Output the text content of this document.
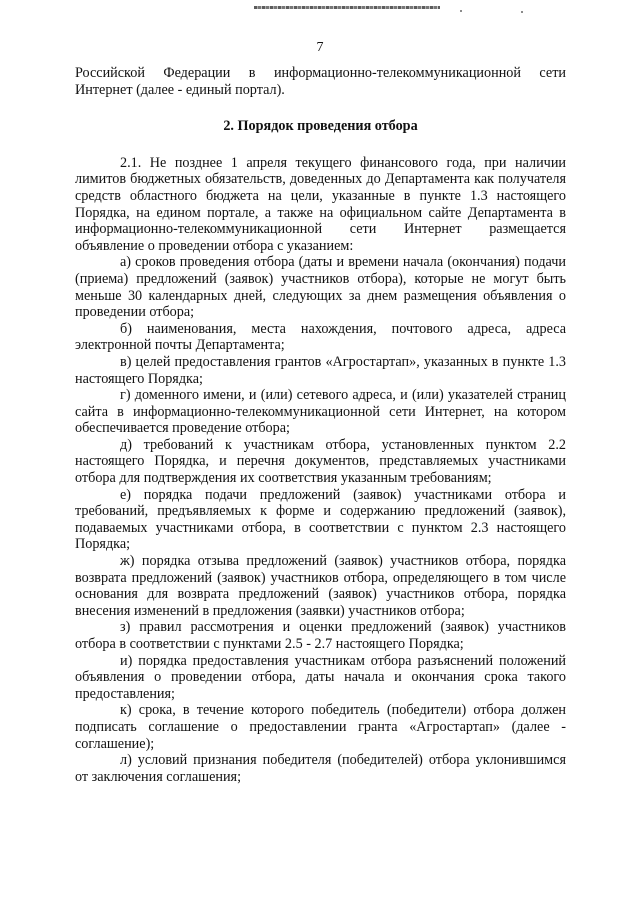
7

Российской Федерации в информационно-телекоммуникационной сети Интернет (далее - единый портал).

2. Порядок проведения отбора

2.1. Не позднее 1 апреля текущего финансового года, при наличии лимитов бюджетных обязательств, доведенных до Департамента как получателя средств областного бюджета на цели, указанные в пункте 1.3 настоящего Порядка, на едином портале, а также на официальном сайте Департамента в информационно-телекоммуникационной сети Интернет размещается объявление о проведении отбора с указанием:

а) сроков проведения отбора (даты и времени начала (окончания) подачи (приема) предложений (заявок) участников отбора), которые не могут быть меньше 30 календарных дней, следующих за днем размещения объявления о проведении отбора;

б) наименования, места нахождения, почтового адреса, адреса электронной почты Департамента;

в) целей предоставления грантов «Агростартап», указанных в пункте 1.3 настоящего Порядка;

г) доменного имени, и (или) сетевого адреса, и (или) указателей страниц сайта в информационно-телекоммуникационной сети Интернет, на котором обеспечивается проведение отбора;

д) требований к участникам отбора, установленных пунктом 2.2 настоящего Порядка, и перечня документов, представляемых участниками отбора для подтверждения их соответствия указанным требованиям;

е) порядка подачи предложений (заявок) участниками отбора и требований, предъявляемых к форме и содержанию предложений (заявок), подаваемых участниками отбора, в соответствии с пунктом 2.3 настоящего Порядка;

ж) порядка отзыва предложений (заявок) участников отбора, порядка возврата предложений (заявок) участников отбора, определяющего в том числе основания для возврата предложений (заявок) участников отбора, порядка внесения изменений в предложения (заявки) участников отбора;

з) правил рассмотрения и оценки предложений (заявок) участников отбора в соответствии с пунктами 2.5 - 2.7 настоящего Порядка;

и) порядка предоставления участникам отбора разъяснений положений объявления о проведении отбора, даты начала и окончания срока такого предоставления;

к) срока, в течение которого победитель (победители) отбора должен подписать соглашение о предоставлении гранта «Агростартап» (далее - соглашение);

л) условий признания победителя (победителей) отбора уклонившимся от заключения соглашения;
